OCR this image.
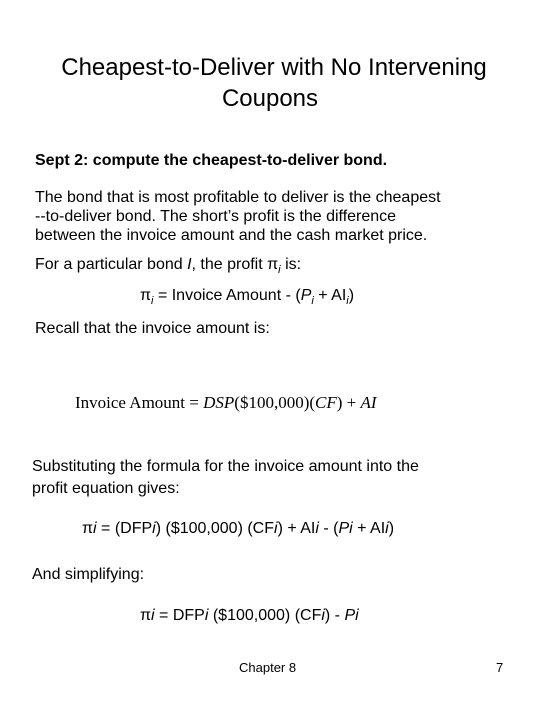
Cheapest-to-Deliver with No Intervening
Coupons
Sept 2: compute the cheapest-to-deliver bond.
The bond that is most profitable to deliver is the cheapest
--to-deliver bond. The short’s profit is the difference
between the invoice amount and the cash market price.
For a particular bond I, the profit $\pi_i$ is:
$\pi_i$ = Invoice Amount - $(P_i + AI_i)$
Recall that the invoice amount is:
Invoice Amount = DSP($100,000)(CF) + AI
Substituting the formula for the invoice amount into the
profit equation gives:
πi = (DFPi) ($100,000) (CFi) + AIi - (Pi + AIi)
And simplifying:
πi = DFPi ($100,000) (CFi) - Pi
Chapter 8	7
